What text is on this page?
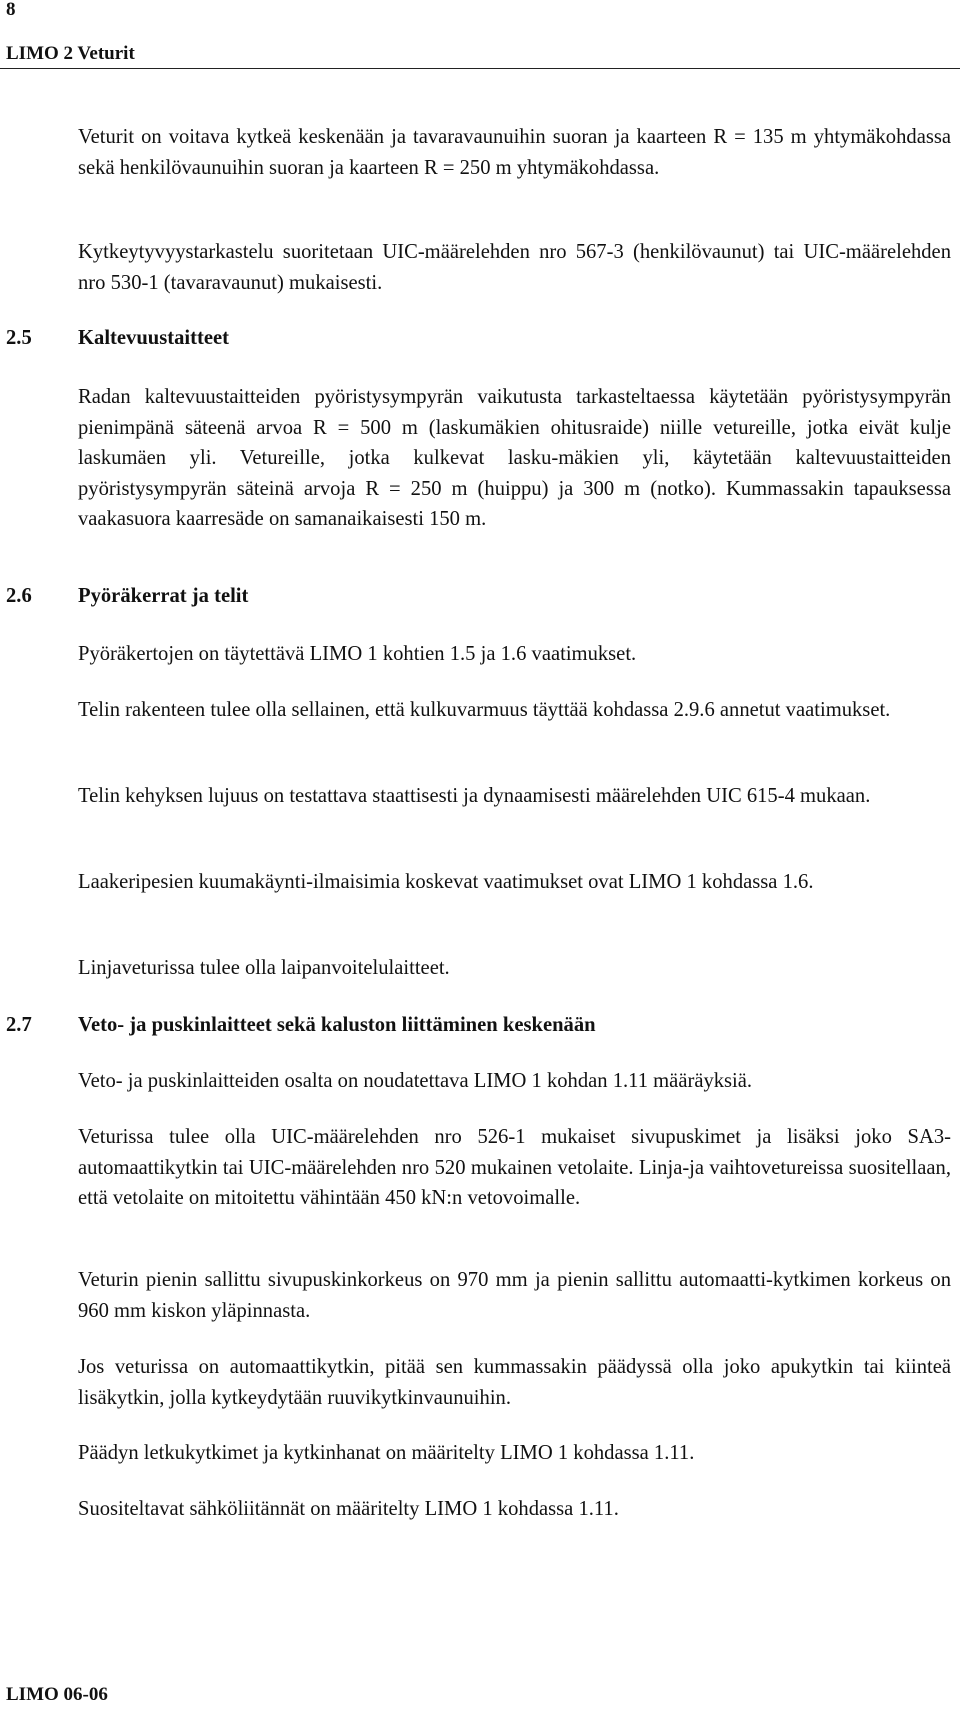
8
LIMO 2 Veturit

Veturit on voitava kytkeä keskenään ja tavaravaunuihin suoran ja kaarteen R = 135 m yhtymäkohdassa sekä henkilövaunuihin suoran ja kaarteen R = 250 m yhtymäkohdassa.

Kytkeytyvyystarkastelu suoritetaan UIC-määrelehden nro 567-3 (henkilövaunut) tai UIC-määrelehden nro 530-1 (tavaravaunut) mukaisesti.

2.5 Kaltevuustaitteet

Radan kaltevuustaitteiden pyöristysympyrän vaikutusta tarkasteltaessa käytetään pyöristysympyrän pienimpänä säteenä arvoa R = 500 m (laskumäkien ohitusraide) niille vetureille, jotka eivät kulje laskumäen yli. Vetureille, jotka kulkevat lasku-mäkien yli, käytetään kaltevuustaitteiden pyöristysympyrän säteinä arvoja R = 250 m (huippu) ja 300 m (notko). Kummassakin tapauksessa vaakasuora kaarresäde on samanaikaisesti 150 m.

2.6 Pyöräkerrat ja telit

Pyöräkertojen on täytettävä LIMO 1 kohtien 1.5 ja 1.6 vaatimukset.

Telin rakenteen tulee olla sellainen, että kulkuvarmuus täyttää kohdassa 2.9.6 annetut vaatimukset.

Telin kehyksen lujuus on testattava staattisesti ja dynaamisesti määrelehden UIC 615-4 mukaan.

Laakeripesien kuumakäynti-ilmaisimia koskevat vaatimukset ovat LIMO 1 kohdassa 1.6.

Linjaveturissa tulee olla laipanvoitelulaitteet.

2.7 Veto- ja puskinlaitteet sekä kaluston liittäminen keskenään

Veto- ja puskinlaitteiden osalta on noudatettava LIMO 1 kohdan 1.11 määräyksiä.

Veturissa tulee olla UIC-määrelehden nro 526-1 mukaiset sivupuskimet ja lisäksi joko SA3-automaattikytkin tai UIC-määrelehden nro 520 mukainen vetolaite. Linja-ja vaihtovetureissa suositellaan, että vetolaite on mitoitettu vähintään 450 kN:n vetovoimalle.

Veturin pienin sallittu sivupuskinkorkeus on 970 mm ja pienin sallittu automaatti-kytkimen korkeus on 960 mm kiskon yläpinnasta.

Jos veturissa on automaattikytkin, pitää sen kummassakin päädyssä olla joko apukytkin tai kiinteä lisäkytkin, jolla kytkeydytään ruuvikytkinvaunuihin.

Päädyn letkukytkimet ja kytkinhanat on määritelty LIMO 1 kohdassa 1.11.

Suositeltavat sähköliitännät on määritelty LIMO 1 kohdassa 1.11.

LIMO 06-06
